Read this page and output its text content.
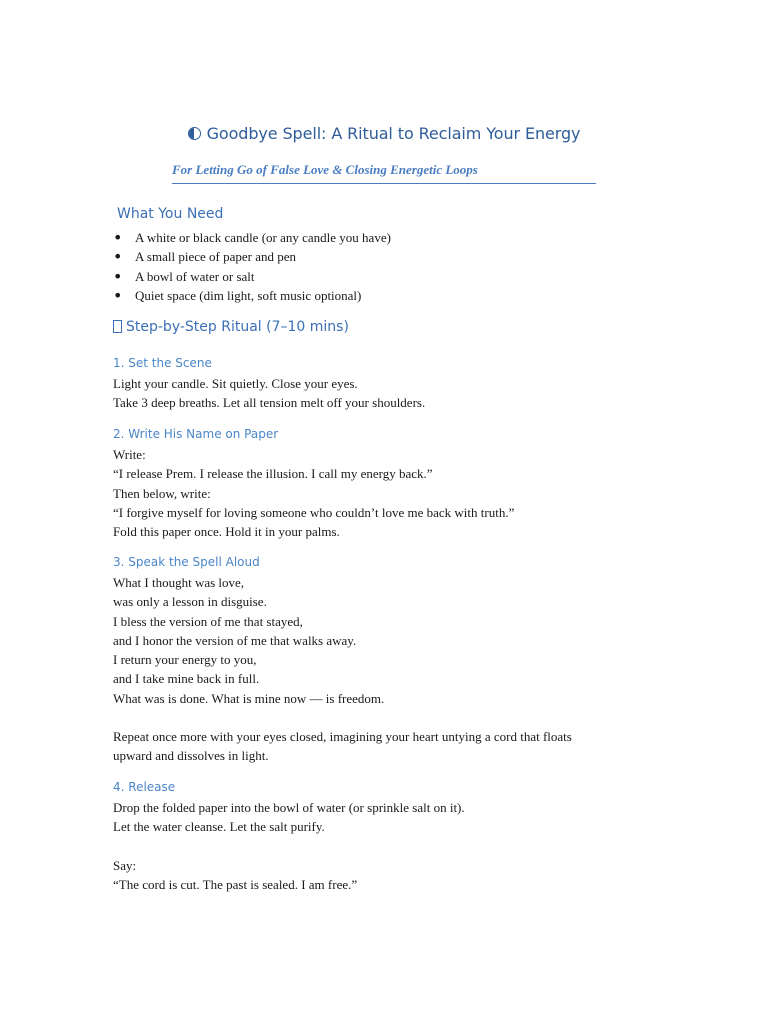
Goodbye Spell: A Ritual to Reclaim Your Energy
For Letting Go of False Love & Closing Energetic Loops
What You Need
• A white or black candle (or any candle you have)
• A small piece of paper and pen
• A bowl of water or salt
• Quiet space (dim light, soft music optional)
Step-by-Step Ritual (7–10 mins)
1. Set the Scene
Light your candle. Sit quietly. Close your eyes.
Take 3 deep breaths. Let all tension melt off your shoulders.
2. Write His Name on Paper
Write:
“I release Prem. I release the illusion. I call my energy back.”
Then below, write:
“I forgive myself for loving someone who couldn’t love me back with truth.”
Fold this paper once. Hold it in your palms.
3. Speak the Spell Aloud
What I thought was love,
was only a lesson in disguise.
I bless the version of me that stayed,
and I honor the version of me that walks away.
I return your energy to you,
and I take mine back in full.
What was is done. What is mine now — is freedom.
Repeat once more with your eyes closed, imagining your heart untying a cord that floats
upward and dissolves in light.
4. Release
Drop the folded paper into the bowl of water (or sprinkle salt on it).
Let the water cleanse. Let the salt purify.
Say:
“The cord is cut. The past is sealed. I am free.”
